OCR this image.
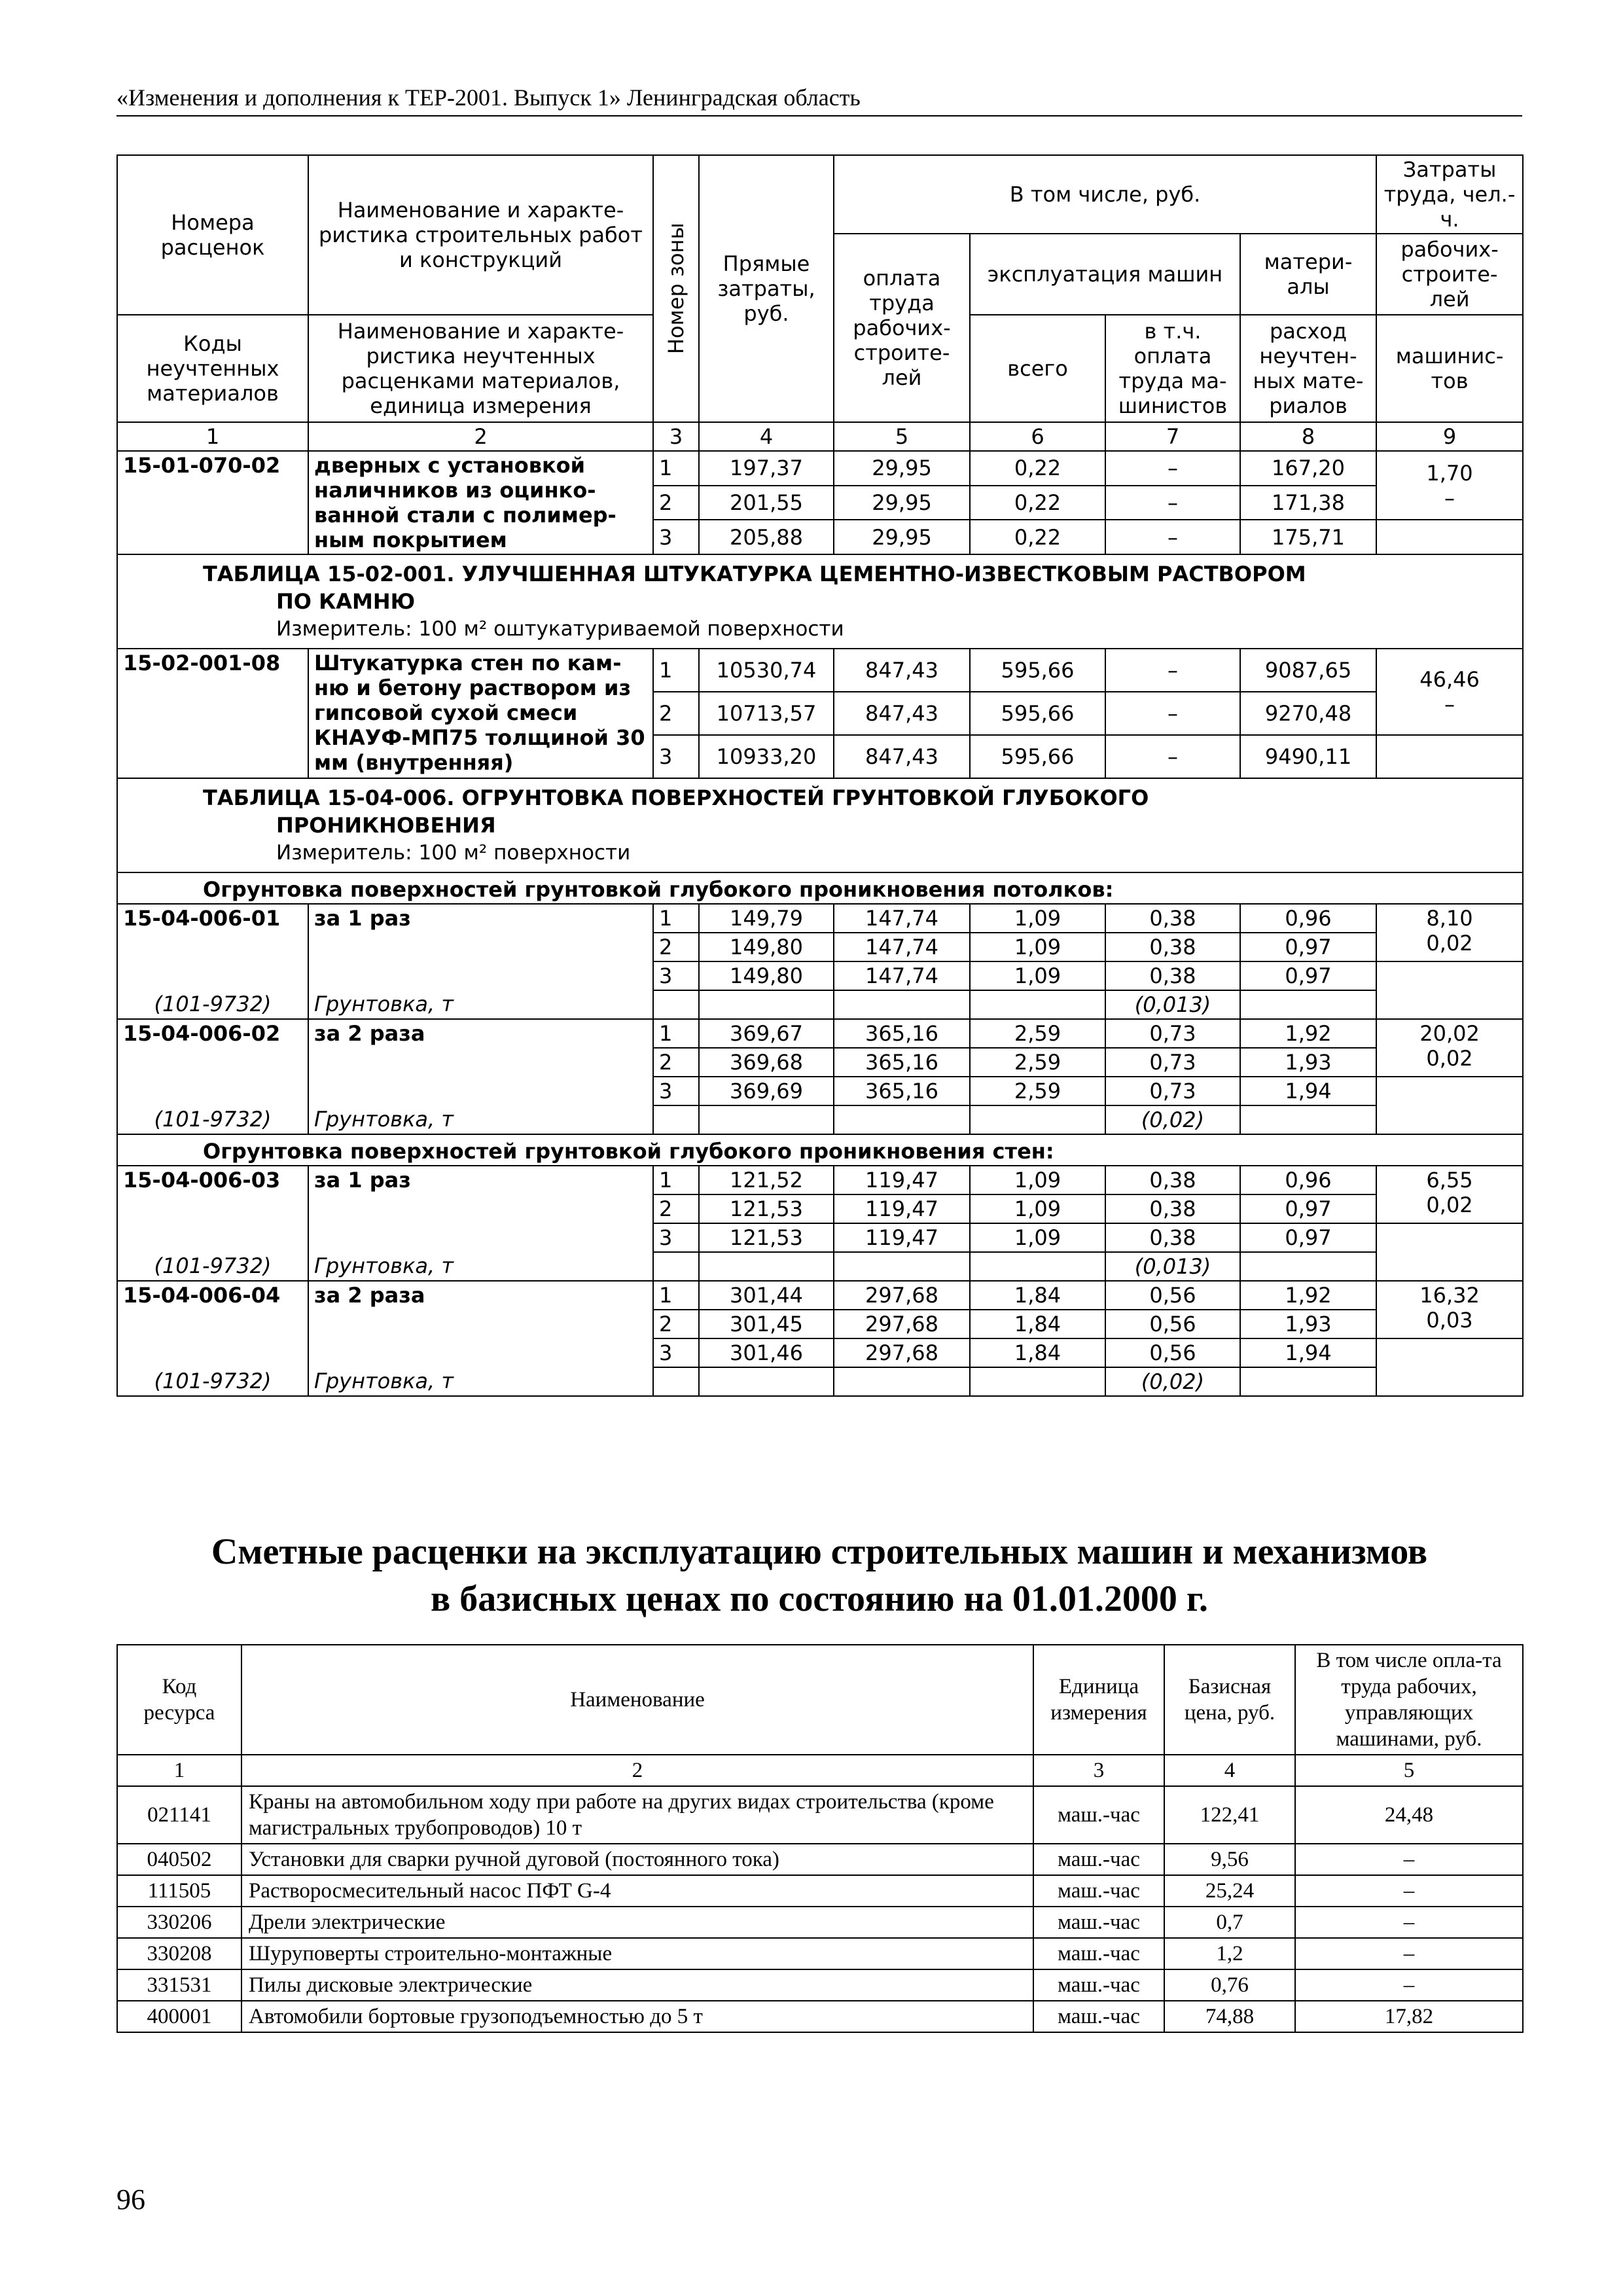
«Изменения и дополнения к ТЕР-2001. Выпуск 1» Ленинградская область
Номера расценок	Наименование и характе-ристика строительных работ и конструкций	Номер зоны	Прямые затраты, руб.	В том числе, руб.				Затраты труда, чел.-ч.
				оплата труда рабочих-строите-лей	эксплуатация машин		матери-алы	рабочих-строите-лей
Коды неучтенных материалов	Наименование и характе-ристика неучтенных расценками материалов, единица измерения				всего	в т.ч. оплата труда ма-шинистов	расход неучтен-ных мате-риалов	машинис-тов

1	2	3	4	5	6	7	8	9
15-01-070-02	дверных с установкой наличников из оцинко-ванной стали с полимер-ным покрытием	1	197,37	29,95	0,22	–	167,20	1,70
–

		2	201,55	29,95	0,22	–	171,38	
		3	205,88	29,95	0,22	–	175,71	

ТАБЛИЦА 15-02-001. УЛУЧШЕННАЯ ШТУКАТУРКА ЦЕМЕНТНО-ИЗВЕСТКОВЫМ РАСТВОРОМ
ПО КАМНЮ
Измеритель: 100 м² оштукатуриваемой поверхности								

15-02-001-08	Штукатурка стен по кам-ню и бетону раствором из гипсовой сухой смеси КНАУФ-МП75 толщиной 30 мм (внутренняя)	1	10530,74	847,43	595,66	–	9087,65	46,46
–

		2	10713,57	847,43	595,66	–	9270,48	
		3	10933,20	847,43	595,66	–	9490,11	

ТАБЛИЦА 15-04-006. ОГРУНТОВКА ПОВЕРХНОСТЕЙ ГРУНТОВКОЙ ГЛУБОКОГО
ПРОНИКНОВЕНИЯ
Измеритель: 100 м² поверхности								

Огрунтовка поверхностей грунтовкой глубокого проникновения потолков:								
15-04-006-01	за 1 раз	1	149,79	147,74	1,09	0,38	0,96	8,10
0,02

		2	149,80	147,74	1,09	0,38	0,97	
		3	149,80	147,74	1,09	0,38	0,97	
(101-9732)	Грунтовка, т					(0,013)		
15-04-006-02	за 2 раза	1	369,67	365,16	2,59	0,73	1,92	20,02
0,02

		2	369,68	365,16	2,59	0,73	1,93	
		3	369,69	365,16	2,59	0,73	1,94	
(101-9732)	Грунтовка, т					(0,02)		
Огрунтовка поверхностей грунтовкой глубокого проникновения стен:								
15-04-006-03	за 1 раз	1	121,52	119,47	1,09	0,38	0,96	6,55
0,02

		2	121,53	119,47	1,09	0,38	0,97	
		3	121,53	119,47	1,09	0,38	0,97	
(101-9732)	Грунтовка, т					(0,013)		
15-04-006-04	за 2 раза	1	301,44	297,68	1,84	0,56	1,92	16,32
0,03

		2	301,45	297,68	1,84	0,56	1,93	
		3	301,46	297,68	1,84	0,56	1,94	
(101-9732)	Грунтовка, т					(0,02)		
Сметные расценки на эксплуатацию строительных машин и механизмов
в базисных ценах по состоянию на 01.01.2000 г.
Код ресурса	Наименование	Единица измерения	Базисная цена, руб.	В том числе опла-та труда рабочих, управляющих машинами, руб.
1	2	3	4	5
021141	Краны на автомобильном ходу при работе на других видах строительства (кроме магистральных трубопроводов) 10 т	маш.-час	122,41	24,48
040502	Установки для сварки ручной дуговой (постоянного тока)	маш.-час	9,56	–
111505	Растворосмесительный насос ПФТ G-4	маш.-час	25,24	–
330206	Дрели электрические	маш.-час	0,7	–
330208	Шуруповерты строительно-монтажные	маш.-час	1,2	–
331531	Пилы дисковые электрические	маш.-час	0,76	–
400001	Автомобили бортовые грузоподъемностью до 5 т	маш.-час	74,88	17,82
96
